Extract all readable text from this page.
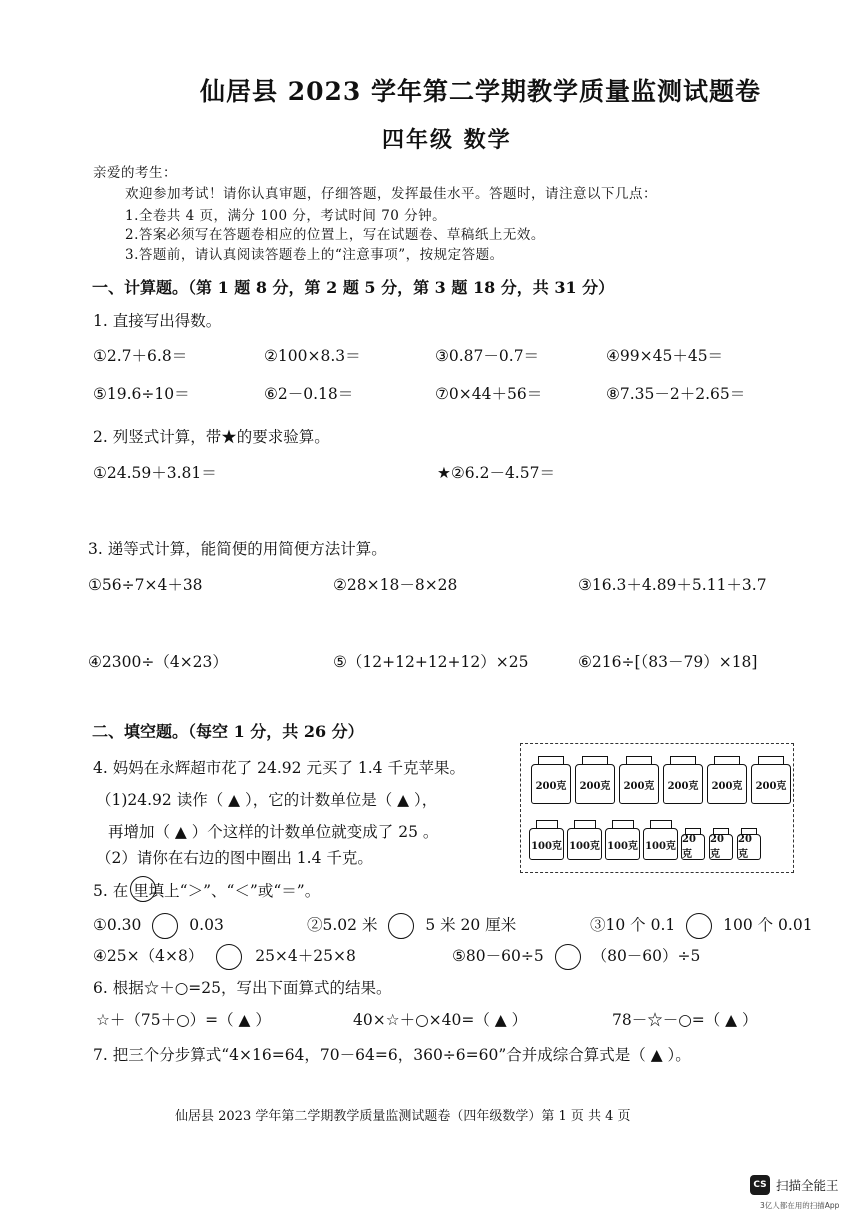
仙居县 2023 学年第二学期教学质量监测试题卷
四年级 数学
亲爱的考生：
欢迎参加考试！请你认真审题，仔细答题，发挥最佳水平。答题时，请注意以下几点：
1.全卷共 4 页，满分 100 分，考试时间 70 分钟。
2.答案必须写在答题卷相应的位置上，写在试题卷、草稿纸上无效。
3.答题前，请认真阅读答题卷上的“注意事项”，按规定答题。
一、计算题。（第 1 题 8 分，第 2 题 5 分，第 3 题 18 分，共 31 分）
1. 直接写出得数。
①2.7＋6.8＝	②100×8.3＝	③0.87－0.7＝	④99×45＋45＝
⑤19.6÷10＝	⑥2－0.18＝	⑦0×44＋56＝	⑧7.35－2＋2.65＝
2. 列竖式计算，带★的要求验算。
①24.59＋3.81＝	★②6.2－4.57＝
3. 递等式计算，能简便的用简便方法计算。
①56÷7×4＋38	②28×18－8×28	③16.3＋4.89＋5.11＋3.7
④2300÷（4×23）	⑤（12+12+12+12）×25	⑥216÷[（83－79）×18]
二、填空题。（每空 1 分，共 26 分）
4. 妈妈在永辉超市花了 24.92 元买了 1.4 千克苹果。
（1)24.92 读作（ ▲ ），它的计数单位是（ ▲ ），
再增加（ ▲ ）个这样的计数单位就变成了 25 。
（2）请你在右边的图中圈出 1.4 千克。
200克	200克	200克	200克	200克	200克
100克 100克 100克 100克
20克
20克
20克
5. 在 里填上“＞”、“＜”或“＝”。
①0.30	0.03	②5.02 米	5 米 20 厘米	③10 个 0.1	100 个 0.01
④25×（4×8）	25×4＋25×8	⑤80－60÷5	（80－60）÷5
6. 根据☆＋○=25，写出下面算式的结果。
☆＋（75＋○）=（ ▲ ）	40×☆＋○×40=（ ▲ ）	78－☆－○=（ ▲ ）
7. 把三个分步算式“4×16=64，70－64=6，360÷6=60”合并成综合算式是（ ▲ ）。
仙居县 2023 学年第二学期教学质量监测试题卷（四年级数学）第 1 页 共 4 页
CS 扫描全能王
3亿人都在用的扫描App
